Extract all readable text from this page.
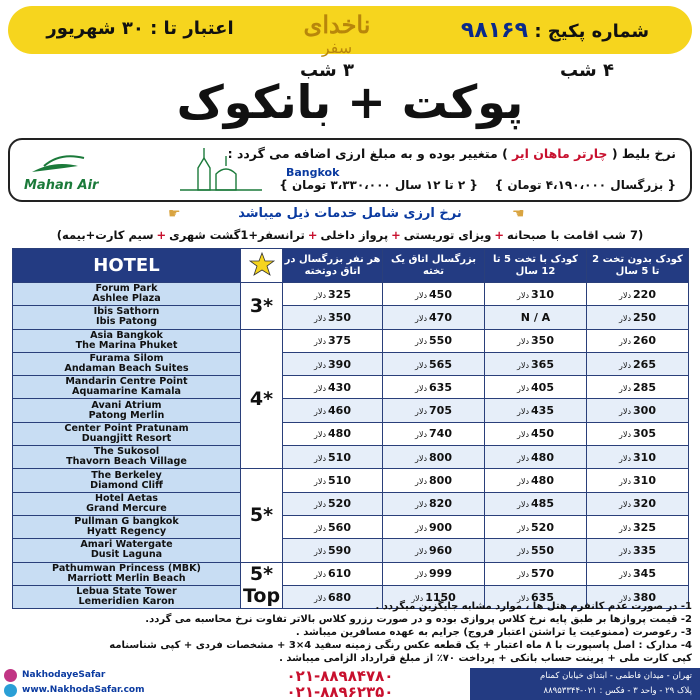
اعتبار تا : ۳۰ شهریور	ناخدای
سفر
شماره پکیج : ۹۸۱۶۹
۳ شب	۴ شب
پوکت + بانکوک
Mahan Air
Bangkok
نرخ بلیط ( چارتر ماهان ایر ) متغییر بوده و به مبلغ ارزی اضافه می گردد :
{ بزرگسال ۴،۱۹۰،۰۰۰ تومان }    { ۲ تا ۱۲ سال ۳،۳۳۰،۰۰۰ تومان }
☛	☚
نرخ ارزی شامل خدمات ذیل میباشد
(7 شب اقامت با صبحانه+ویزای توریستی+پرواز داخلی+ترانسفر+1گشت شهری+سیم کارت+بیمه)
HOTEL		هر نفر بزرگسال در اتاق دوتخته	بزرگسال اتاق یک تخته	کودک با تخت 5 تا 12 سال	کودک بدون تخت 2 تا 5 سال
Forum Park
Ashlee Plaza	3*	325دلار	450دلار	310دلار	220دلار
Ibis Sathorn
Ibis Patong		350دلار	470دلار	N / A	250دلار
Asia Bangkok
The Marina Phuket	4*	375دلار	550دلار	350دلار	260دلار
Furama Silom
Andaman Beach Suites		390دلار	565دلار	365دلار	265دلار
Mandarin Centre Point
Aquamarine Kamala		430دلار	635دلار	405دلار	285دلار
Avani Atrium
Patong Merlin		460دلار	705دلار	435دلار	300دلار
Center Point Pratunam
Duangjitt Resort		480دلار	740دلار	450دلار	305دلار
The Sukosol
Thavorn Beach Village		510دلار	800دلار	480دلار	310دلار
The Berkeley
Diamond Cliff	5*	510دلار	800دلار	480دلار	310دلار
Hotel Aetas
Grand Mercure		520دلار	820دلار	485دلار	320دلار
Pullman G bangkok
Hyatt Regency		560دلار	900دلار	520دلار	325دلار
Amari Watergate
Dusit Laguna		590دلار	960دلار	550دلار	335دلار
Pathumwan Princess (MBK)
Marriott Merlin Beach	5*
Top	610دلار	999دلار	570دلار	345دلار
Lebua State Tower
Lemeridien Karon		680دلار	1150دلار	635دلار	380دلار
1- در صورت عدم کانفرم هتل ها ، موارد مشابه جایگزین میگردد .
2- قیمت پروازها بر طبق پایه نرخ کلاس پروازی بوده و در صورت رزرو کلاس بالاتر تفاوت نرخ محاسبه می گردد.
3- رعوصرت (ممنوعیت یا تراشتن اعتبار فروج) جرایم به عهده مسافرین میباشد .
4- مدارک : اصل پاسپورت با ۸ ماه اعتبار + یک قطعه عکس رنگی زمینه سفید 4×3 + مشخصات فردی + کپی شناسنامه
کپی کارت ملی + پرینت حساب بانکی + پرداخت ۷۰٪ از مبلغ قرارداد الزامی میباشد .
NakhodayeSafar
www.NakhodaSafar.com
۰۲۱-۸۸۹۸۴۷۸۰
۰۲۱-۸۸۹۶۲۳۵۰
تهران - میدان فاطمی - ابتدای خیابان کمنام
پلاک ۲۹ - واحد ۳ - فکس : ۰۲۱-۸۸۹۵۳۳۴۴
